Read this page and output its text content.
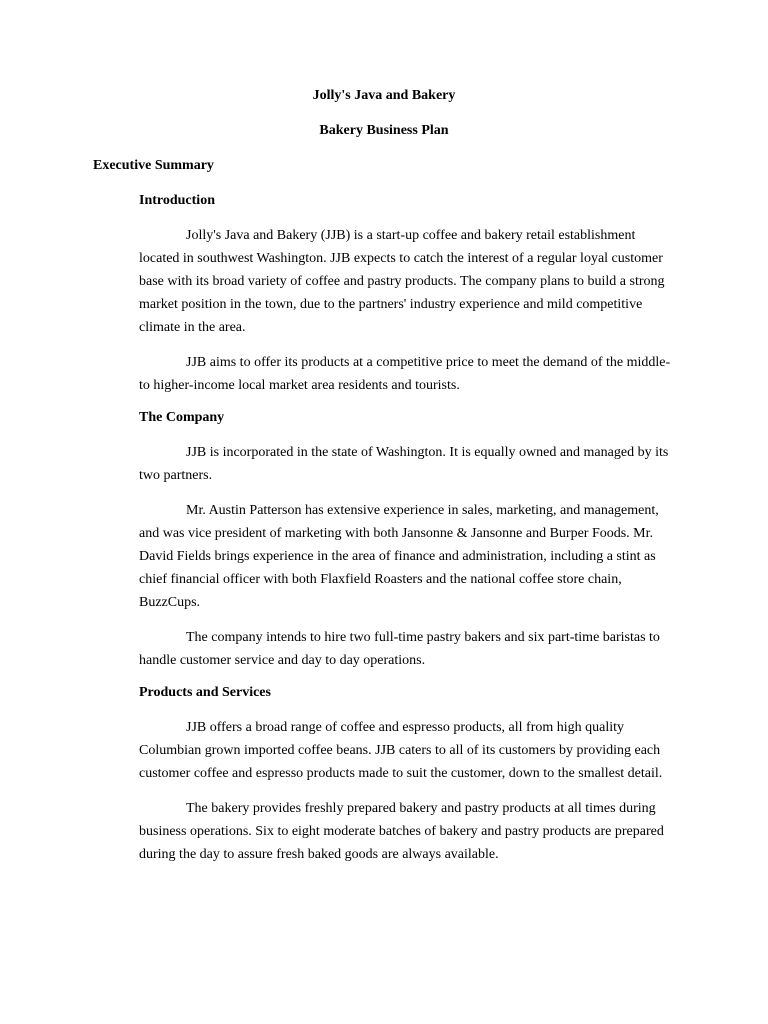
Jolly's Java and Bakery
Bakery Business Plan
Executive Summary
Introduction

Jolly's Java and Bakery (JJB) is a start-up coffee and bakery retail establishment located in southwest Washington. JJB expects to catch the interest of a regular loyal customer base with its broad variety of coffee and pastry products. The company plans to build a strong market position in the town, due to the partners' industry experience and mild competitive climate in the area.

JJB aims to offer its products at a competitive price to meet the demand of the middle-to higher-income local market area residents and tourists.

The Company

JJB is incorporated in the state of Washington. It is equally owned and managed by its two partners.

Mr. Austin Patterson has extensive experience in sales, marketing, and management, and was vice president of marketing with both Jansonne & Jansonne and Burper Foods. Mr. David Fields brings experience in the area of finance and administration, including a stint as chief financial officer with both Flaxfield Roasters and the national coffee store chain, BuzzCups.

The company intends to hire two full-time pastry bakers and six part-time baristas to handle customer service and day to day operations.

Products and Services

JJB offers a broad range of coffee and espresso products, all from high quality Columbian grown imported coffee beans. JJB caters to all of its customers by providing each customer coffee and espresso products made to suit the customer, down to the smallest detail.

The bakery provides freshly prepared bakery and pastry products at all times during business operations. Six to eight moderate batches of bakery and pastry products are prepared during the day to assure fresh baked goods are always available.
